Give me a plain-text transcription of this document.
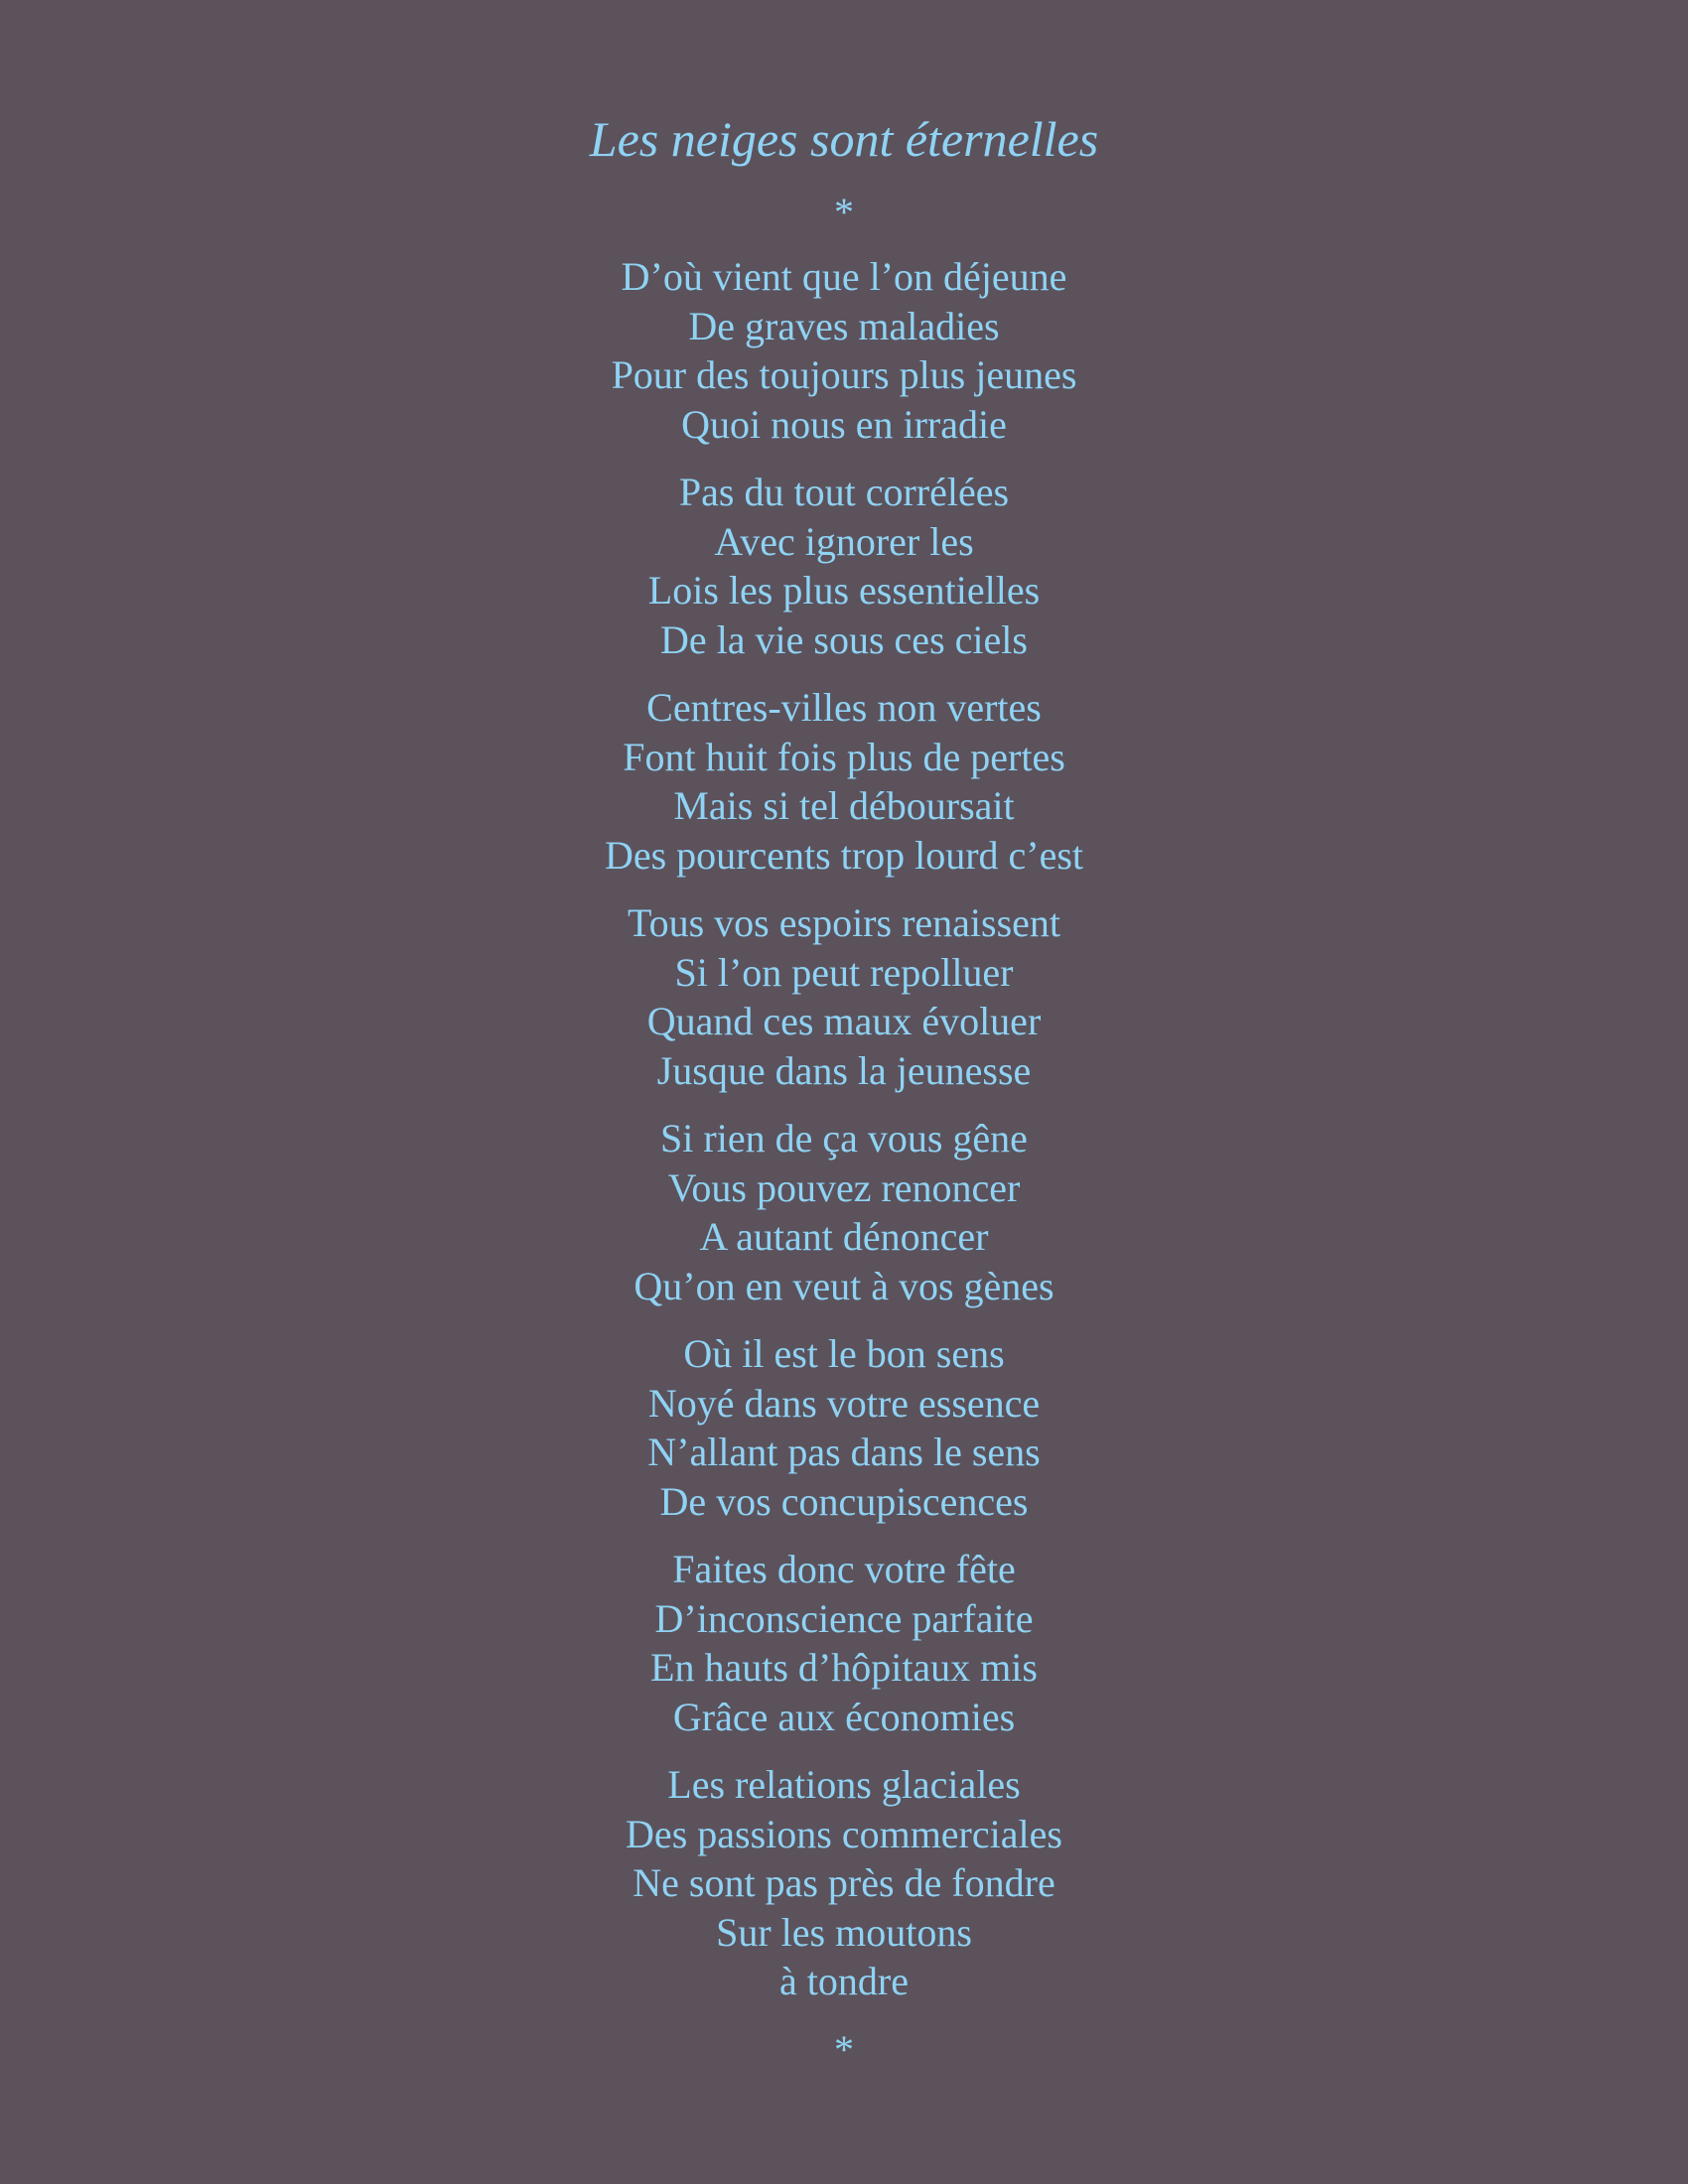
Les neiges sont éternelles
*
D’où vient que l’on déjeune
De graves maladies
Pour des toujours plus jeunes
Quoi nous en irradie
Pas du tout corrélées
Avec ignorer les
Lois les plus essentielles
De la vie sous ces ciels
Centres-villes non vertes
Font huit fois plus de pertes
Mais si tel déboursait
Des pourcents trop lourd c’est
Tous vos espoirs renaissent
Si l’on peut repolluer
Quand ces maux évoluer
Jusque dans la jeunesse
Si rien de ça vous gêne
Vous pouvez renoncer
A autant dénoncer
Qu’on en veut à vos gènes
Où il est le bon sens
Noyé dans votre essence
N’allant pas dans le sens
De vos concupiscences
Faites donc votre fête
D’inconscience parfaite
En hauts d’hôpitaux mis
Grâce aux économies
Les relations glaciales
Des passions commerciales
Ne sont pas près de fondre
Sur les moutons
à tondre
*
